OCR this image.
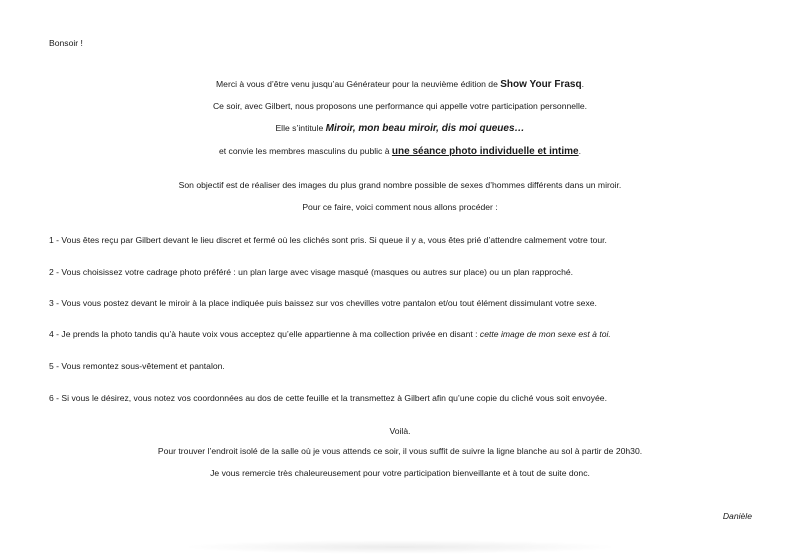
Bonsoir !
Merci à vous d’être venu jusqu’au Générateur pour la neuvième édition de Show Your Frasq.
Ce soir, avec Gilbert, nous proposons une performance qui appelle votre participation personnelle.
Elle s’intitule Miroir, mon beau miroir, dis moi queues…
et convie les membres masculins du public à une séance photo individuelle et intime.
Son objectif est de réaliser des images du plus grand nombre possible de sexes d’hommes différents dans un miroir.
Pour ce faire, voici comment nous allons procéder :
1 - Vous êtes reçu par Gilbert devant le lieu discret et fermé où les clichés sont pris. Si queue il y a, vous êtes prié d’attendre calmement votre tour.
2 - Vous choisissez votre cadrage photo préféré : un plan large avec visage masqué (masques ou autres sur place) ou un plan rapproché.
3 - Vous vous postez devant le miroir à la place indiquée puis baissez sur vos chevilles votre pantalon et/ou tout élément dissimulant votre sexe.
4 - Je prends la photo tandis qu’à haute voix vous acceptez qu’elle appartienne à ma collection privée en disant : cette image de mon sexe est à toi.
5 - Vous remontez sous-vêtement et pantalon.
6 - Si vous le désirez, vous notez vos coordonnées au dos de cette feuille et la transmettez à Gilbert afin qu’une copie du cliché vous soit envoyée.
Voilà.
Pour trouver l’endroit isolé de la salle où je vous attends ce soir, il vous suffit de suivre la ligne blanche au sol à partir de 20h30.
Je vous remercie très chaleureusement pour votre participation bienveillante et à tout de suite donc.
Danièle
